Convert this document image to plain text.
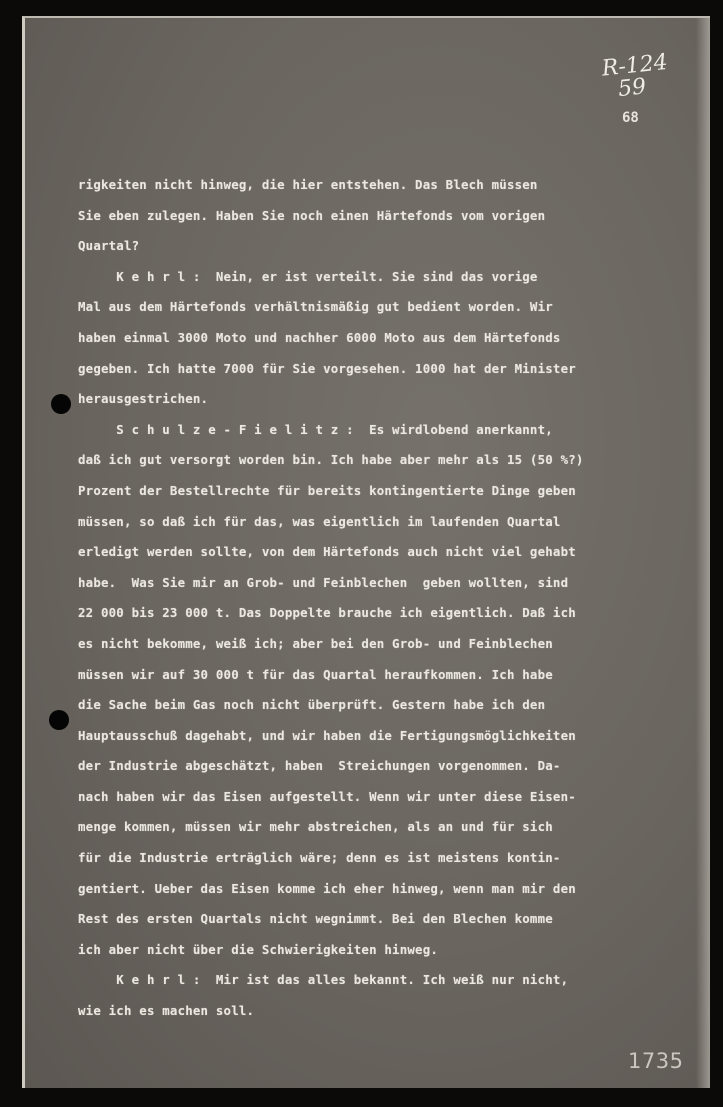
R-124
59
68
rigkeiten nicht hinweg, die hier entstehen. Das Blech müssen
Sie eben zulegen. Haben Sie noch einen Härtefonds vom vorigen
Quartal?
K e h r l :  Nein, er ist verteilt. Sie sind das vorige
Mal aus dem Härtefonds verhältnismäßig gut bedient worden. Wir
haben einmal 3000 Moto und nachher 6000 Moto aus dem Härtefonds
gegeben. Ich hatte 7000 für Sie vorgesehen. 1000 hat der Minister
herausgestrichen.
S c h u l z e - F i e l i t z :  Es wirdlobend anerkannt,
daß ich gut versorgt worden bin. Ich habe aber mehr als 15 (50 %?)
Prozent der Bestellrechte für bereits kontingentierte Dinge geben
müssen, so daß ich für das, was eigentlich im laufenden Quartal
erledigt werden sollte, von dem Härtefonds auch nicht viel gehabt
habe.  Was Sie mir an Grob- und Feinblechen  geben wollten, sind
22 000 bis 23 000 t. Das Doppelte brauche ich eigentlich. Daß ich
es nicht bekomme, weiß ich; aber bei den Grob- und Feinblechen
müssen wir auf 30 000 t für das Quartal heraufkommen. Ich habe
die Sache beim Gas noch nicht überprüft. Gestern habe ich den
Hauptausschuß dagehabt, und wir haben die Fertigungsmöglichkeiten
der Industrie abgeschätzt, haben  Streichungen vorgenommen. Da-
nach haben wir das Eisen aufgestellt. Wenn wir unter diese Eisen-
menge kommen, müssen wir mehr abstreichen, als an und für sich
für die Industrie erträglich wäre; denn es ist meistens kontin-
gentiert. Ueber das Eisen komme ich eher hinweg, wenn man mir den
Rest des ersten Quartals nicht wegnimmt. Bei den Blechen komme
ich aber nicht über die Schwierigkeiten hinweg.
K e h r l :  Mir ist das alles bekannt. Ich weiß nur nicht,
wie ich es machen soll.
1735
